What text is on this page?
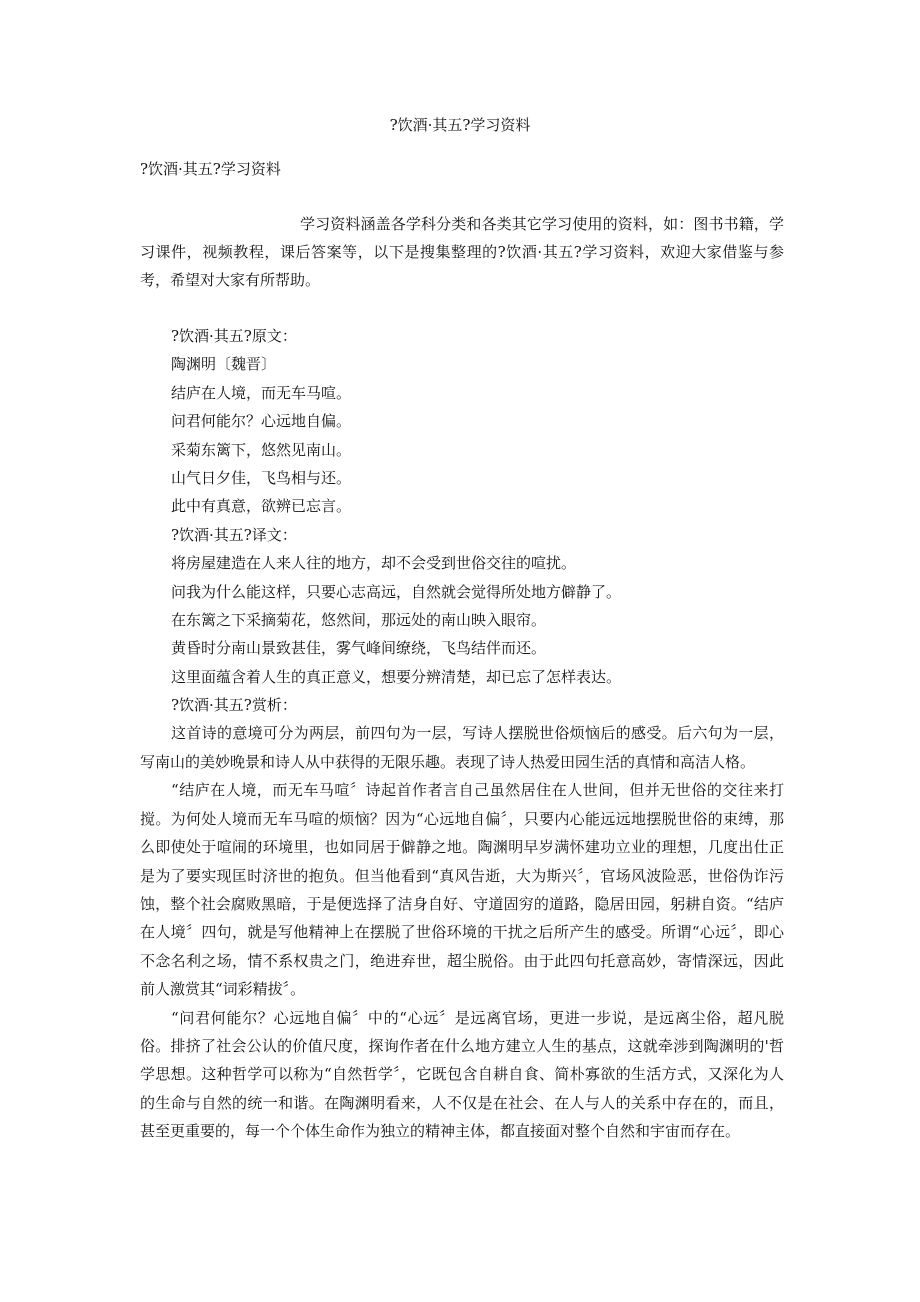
?饮酒·其五?学习资料
?饮酒·其五?学习资料
学习资料涵盖各学科分类和各类其它学习使用的资料，如：图书书籍，学习课件，视频教程，课后答案等，以下是搜集整理的?饮酒·其五?学习资料，欢迎大家借鉴与参考，希望对大家有所帮助。
?饮酒·其五?原文：
陶渊明〔魏晋〕
结庐在人境，而无车马喧。
问君何能尔？心远地自偏。
采菊东篱下，悠然见南山。
山气日夕佳，飞鸟相与还。
此中有真意，欲辨已忘言。
?饮酒·其五?译文：
将房屋建造在人来人往的地方，却不会受到世俗交往的喧扰。
问我为什么能这样，只要心志高远，自然就会觉得所处地方僻静了。
在东篱之下采摘菊花，悠然间，那远处的南山映入眼帘。
黄昏时分南山景致甚佳，雾气峰间缭绕，飞鸟结伴而还。
这里面蕴含着人生的真正意义，想要分辨清楚，却已忘了怎样表达。
?饮酒·其五?赏析：

这首诗的意境可分为两层，前四句为一层，写诗人摆脱世俗烦恼后的感受。后六句为一层，写南山的美妙晚景和诗人从中获得的无限乐趣。表现了诗人热爱田园生活的真情和高洁人格。

“结庐在人境，而无车马喧〞诗起首作者言自己虽然居住在人世间，但并无世俗的交往来打搅。为何处人境而无车马喧的烦恼？因为“心远地自偏〞，只要内心能远远地摆脱世俗的束缚，那么即使处于喧闹的环境里，也如同居于僻静之地。陶渊明早岁满怀建功立业的理想，几度出仕正是为了要实现匡时济世的抱负。但当他看到“真风告逝，大为斯兴〞，官场风波险恶，世俗伪诈污蚀，整个社会腐败黑暗，于是便选择了洁身自好、守道固穷的道路，隐居田园，躬耕自资。“结庐在人境〞四句，就是写他精神上在摆脱了世俗环境的干扰之后所产生的感受。所谓“心远〞，即心不念名利之场，情不系权贵之门，绝进弃世，超尘脱俗。由于此四句托意高妙，寄情深远，因此前人激赏其“词彩精拔〞。

“问君何能尔？心远地自偏〞中的“心远〞是远离官场，更进一步说，是远离尘俗，超凡脱俗。排挤了社会公认的价值尺度，探询作者在什么地方建立人生的基点，这就牵涉到陶渊明的'哲学思想。这种哲学可以称为“自然哲学〞，它既包含自耕自食、简朴寡欲的生活方式，又深化为人的生命与自然的统一和谐。在陶渊明看来，人不仅是在社会、在人与人的关系中存在的，而且，甚至更重要的，每一个个体生命作为独立的精神主体，都直接面对整个自然和宇宙而存在。
